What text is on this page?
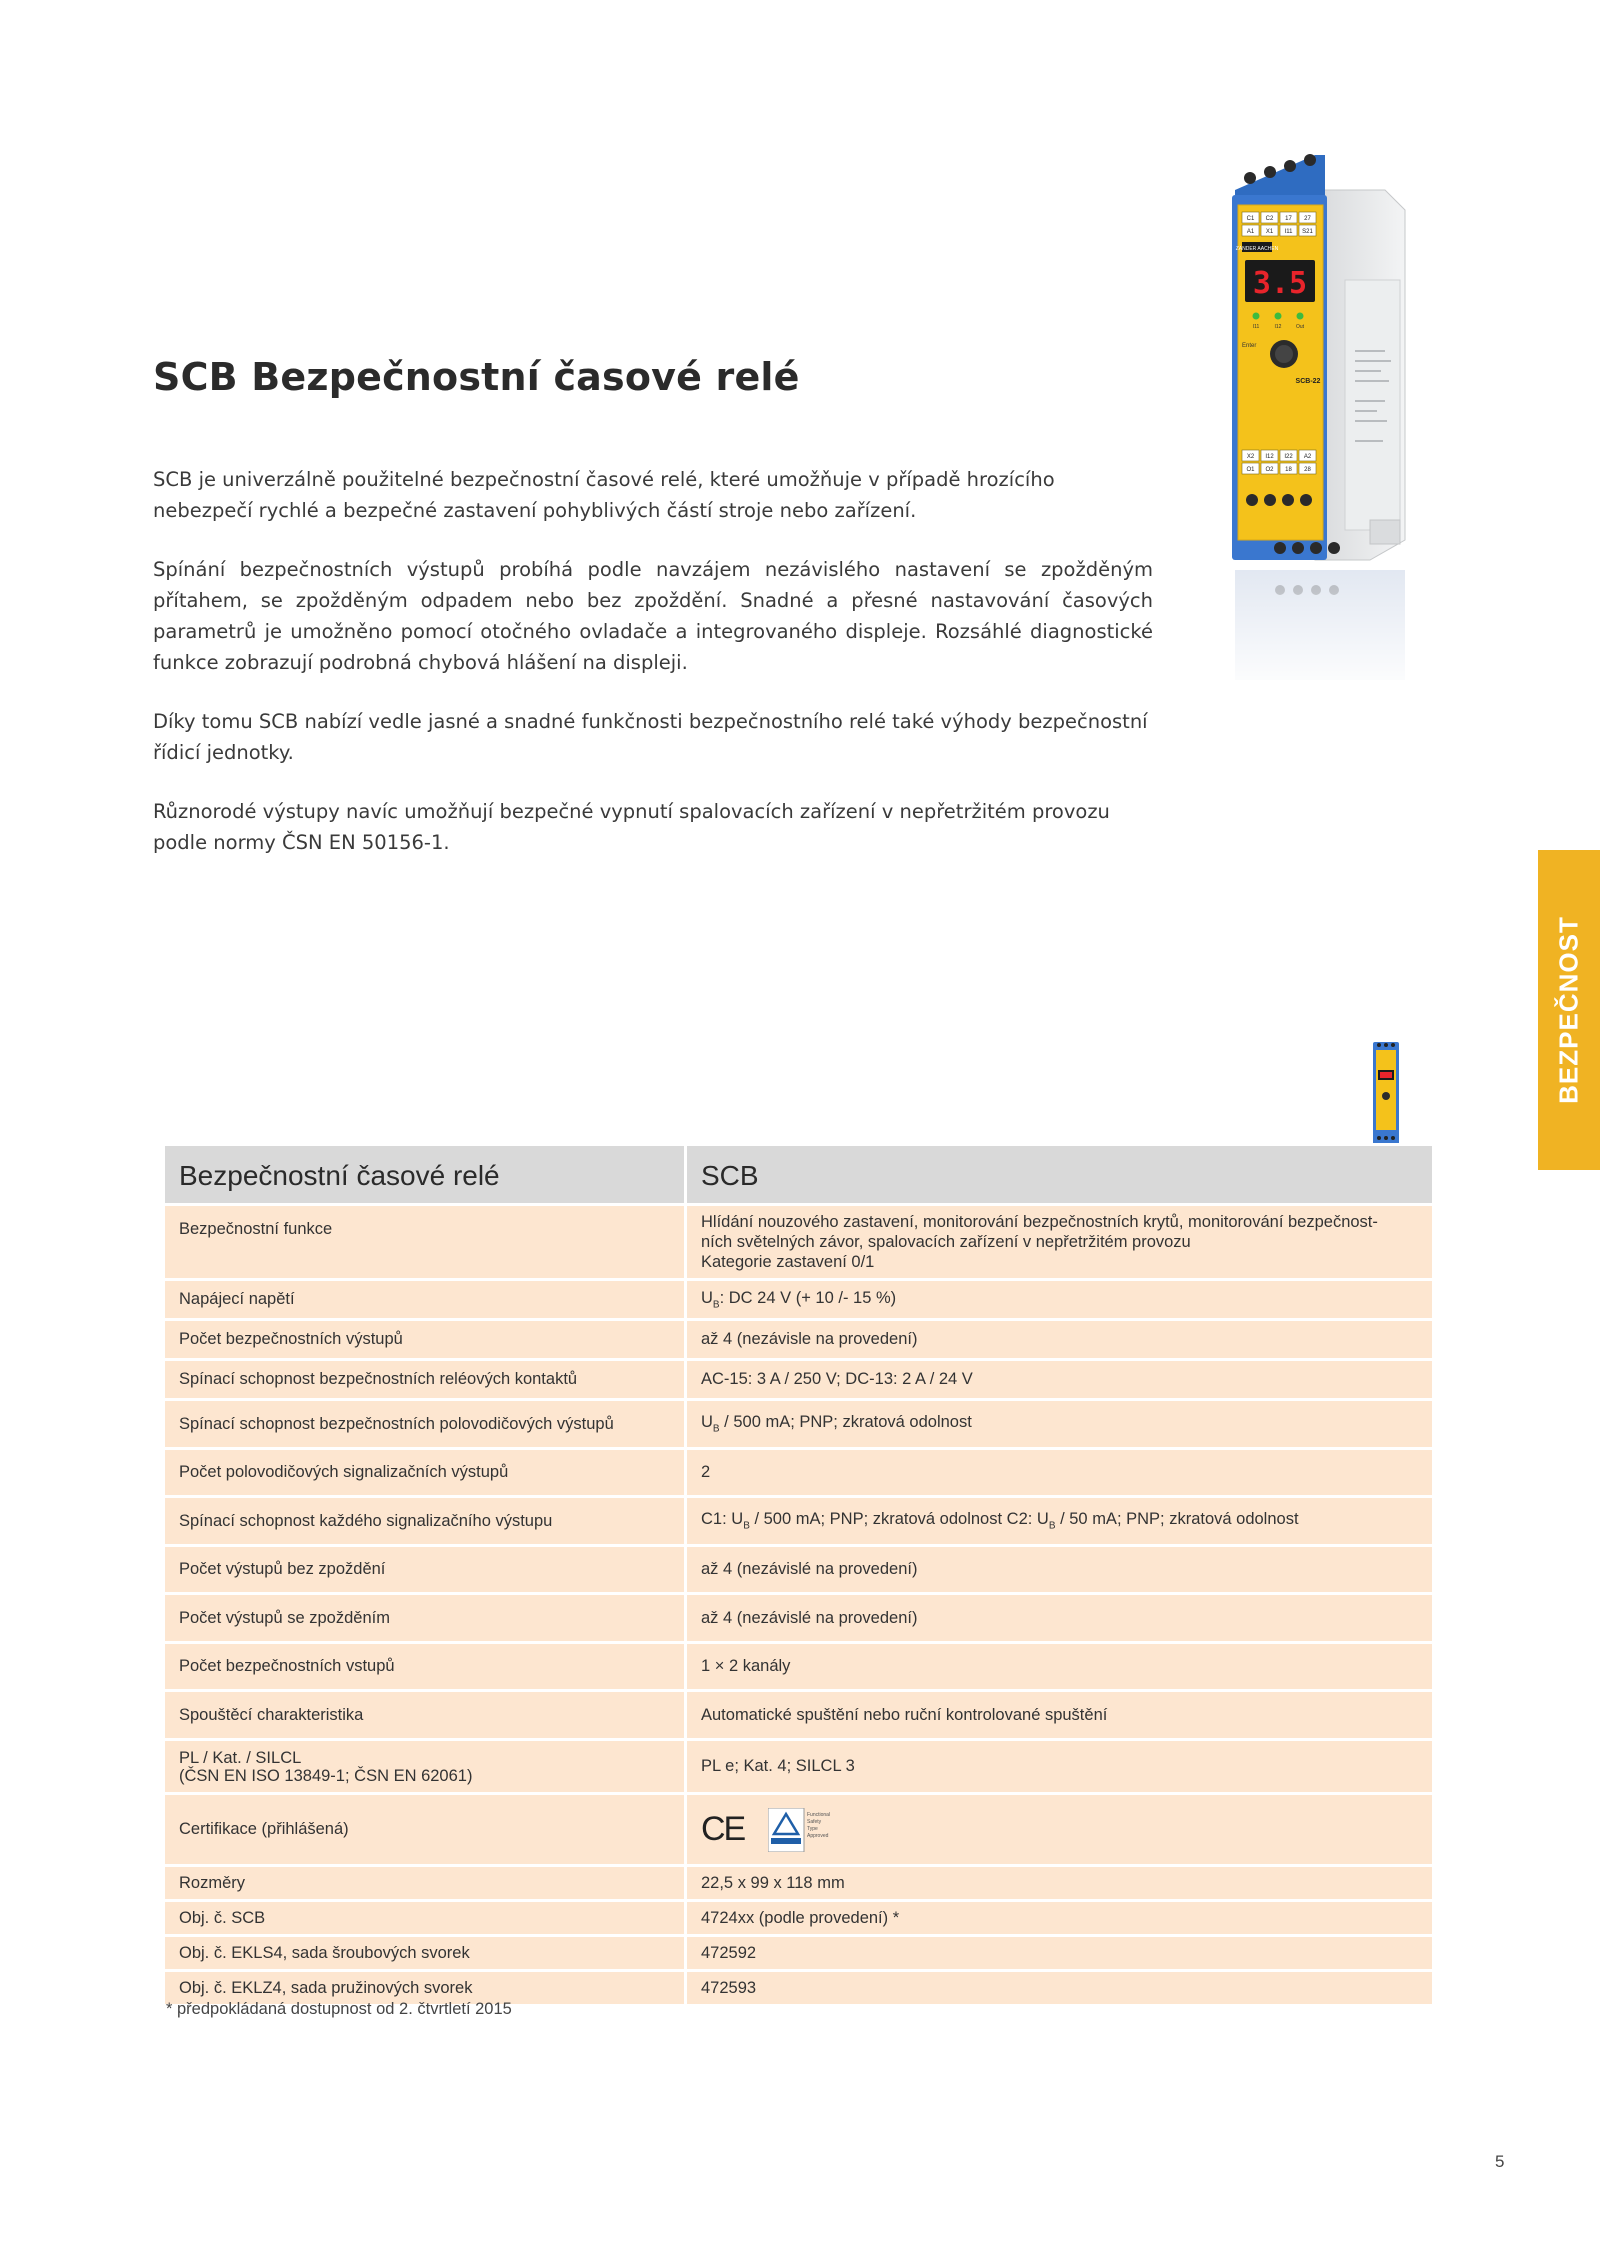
SCB Bezpečnostní časové relé

SCB je univerzálně použitelné bezpečnostní časové relé, které umožňuje v případě hrozícího nebezpečí rychlé a bezpečné zastavení pohyblivých částí stroje nebo zařízení.

Spínání bezpečnostních výstupů probíhá podle navzájem nezávislého nastavení se zpožděným přítahem, se zpožděným odpadem nebo bez zpoždění. Snadné a přesné nastavování časových parametrů je umožněno pomocí otočného ovladače a integrovaného displeje. Rozsáhlé diagnostické funkce zobrazují podrobná chybová hlášení na displeji.

Díky tomu SCB nabízí vedle jasné a snadné funkčnosti bezpečnostního relé také výhody bezpečnostní řídicí jednotky.

Různorodé výstupy navíc umožňují bezpečné vypnutí spalovacích zařízení v nepřetržitém provozu podle normy ČSN EN 50156-1.

C1 C2 17 27
A1 X1 I11 S21
ZANDER AACHEN
3.5
I11	I12	Out
Enter
SCB-22
X2 I12 I22 A2
O1 O2 18 28
BEZPEČNOST
Bezpečnostní časové relé	SCB
Bezpečnostní funkce	Hlídání nouzového zastavení, monitorování bezpečnostních krytů, monitorování bezpečnost-
ních světelných závor, spalovacích zařízení v nepřetržitém provozu
Kategorie zastavení 0/1

Napájecí napětí	$U_B$: DC 24 V (+ 10 /- 15 %)
Počet bezpečnostních výstupů	až 4 (nezávisle na provedení)
Spínací schopnost bezpečnostních reléových kontaktů	AC-15: 3 A / 250 V; DC-13: 2 A / 24 V
Spínací schopnost bezpečnostních polovodičových výstupů	$U_B / 500$ mA; PNP; zkratová odolnost
Počet polovodičových signalizačních výstupů	2
Spínací schopnost každého signalizačního výstupu	C1: $U_B / 500$ mA; PNP; zkratová odolnost C2: $U_B / 50$ mA; PNP; zkratová odolnost
Počet výstupů bez zpoždění	až 4 (nezávislé na provedení)
Počet výstupů se zpožděním	až 4 (nezávislé na provedení)
Počet bezpečnostních vstupů	1 × 2 kanály
Spouštěcí charakteristika	Automatické spuštění nebo ruční kontrolované spuštění

PL / Kat. / SILCL
(ČSN EN ISO 13849-1; ČSN EN 62061)	PL e; Kat. 4; SILCL 3
Certifikace (přihlášená)	CE Functional
Safety
Type
Approved

Rozměry	22,5 x 99 x 118 mm
Obj. č. SCB	4724xx (podle provedení) *
Obj. č. EKLS4, sada šroubových svorek	472592
Obj. č. EKLZ4, sada pružinových svorek	472593
* předpokládaná dostupnost od 2. čtvrtletí 2015
5
